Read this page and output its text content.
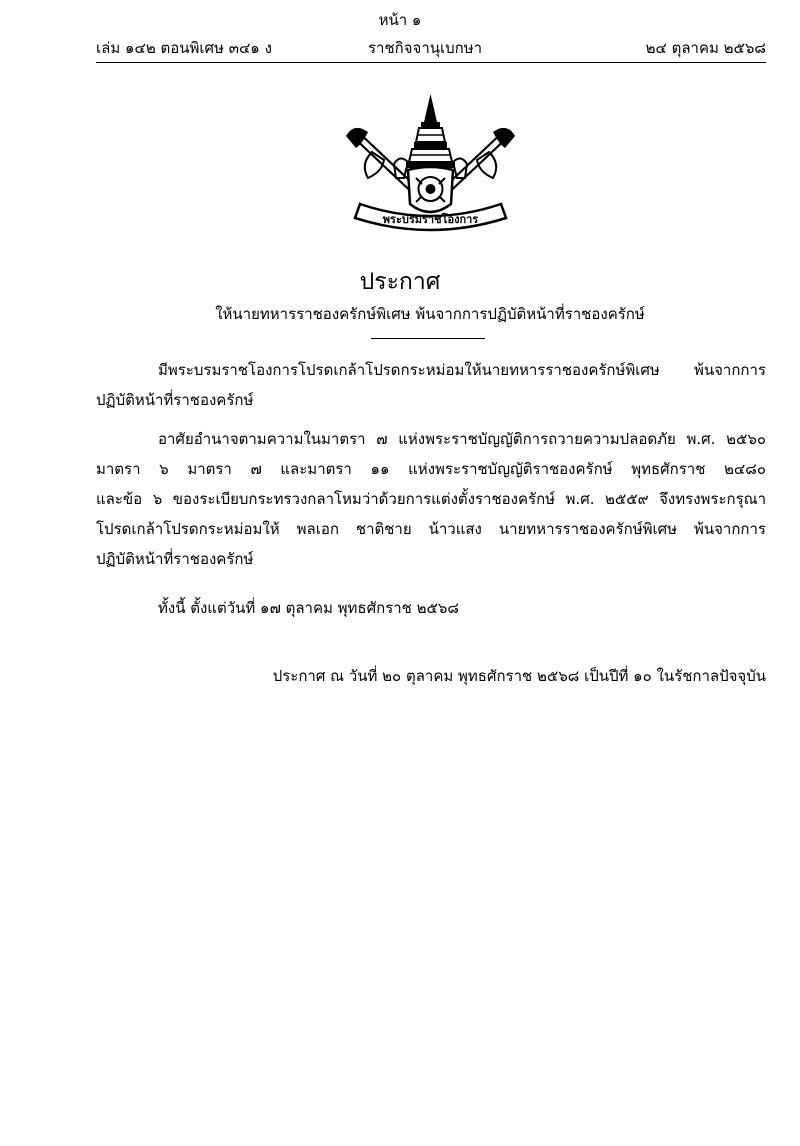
หน้า ๑
เล่ม ๑๔๒ ตอนพิเศษ ๓๔๑ ง	ราชกิจจานุเบกษา	๒๔ ตุลาคม ๒๕๖๘
พระบรมราชโองการ
ประกาศ
ให้นายทหารราชองครักษ์พิเศษ พ้นจากการปฏิบัติหน้าที่ราชองครักษ์
มีพระบรมราชโองการโปรดเกล้าโปรดกระหม่อมให้นายทหารราชองครักษ์พิเศษ พ้นจากการ
ปฏิบัติหน้าที่ราชองครักษ์
อาศัยอำนาจตามความในมาตรา ๗ แห่งพระราชบัญญัติการถวายความปลอดภัย พ.ศ. ๒๕๖๐
มาตรา ๖ มาตรา ๗ และมาตรา ๑๑ แห่งพระราชบัญญัติราชองครักษ์ พุทธศักราช ๒๔๘๐
และข้อ ๖ ของระเบียบกระทรวงกลาโหมว่าด้วยการแต่งตั้งราชองครักษ์ พ.ศ. ๒๕๕๙ จึงทรงพระกรุณา
โปรดเกล้าโปรดกระหม่อมให้ พลเอก ชาติชาย น้าวแสง นายทหารราชองครักษ์พิเศษ พ้นจากการ
ปฏิบัติหน้าที่ราชองครักษ์
ทั้งนี้ ตั้งแต่วันที่ ๑๗ ตุลาคม พุทธศักราช ๒๕๖๘
ประกาศ ณ วันที่ ๒๐ ตุลาคม พุทธศักราช ๒๕๖๘ เป็นปีที่ ๑๐ ในรัชกาลปัจจุบัน
